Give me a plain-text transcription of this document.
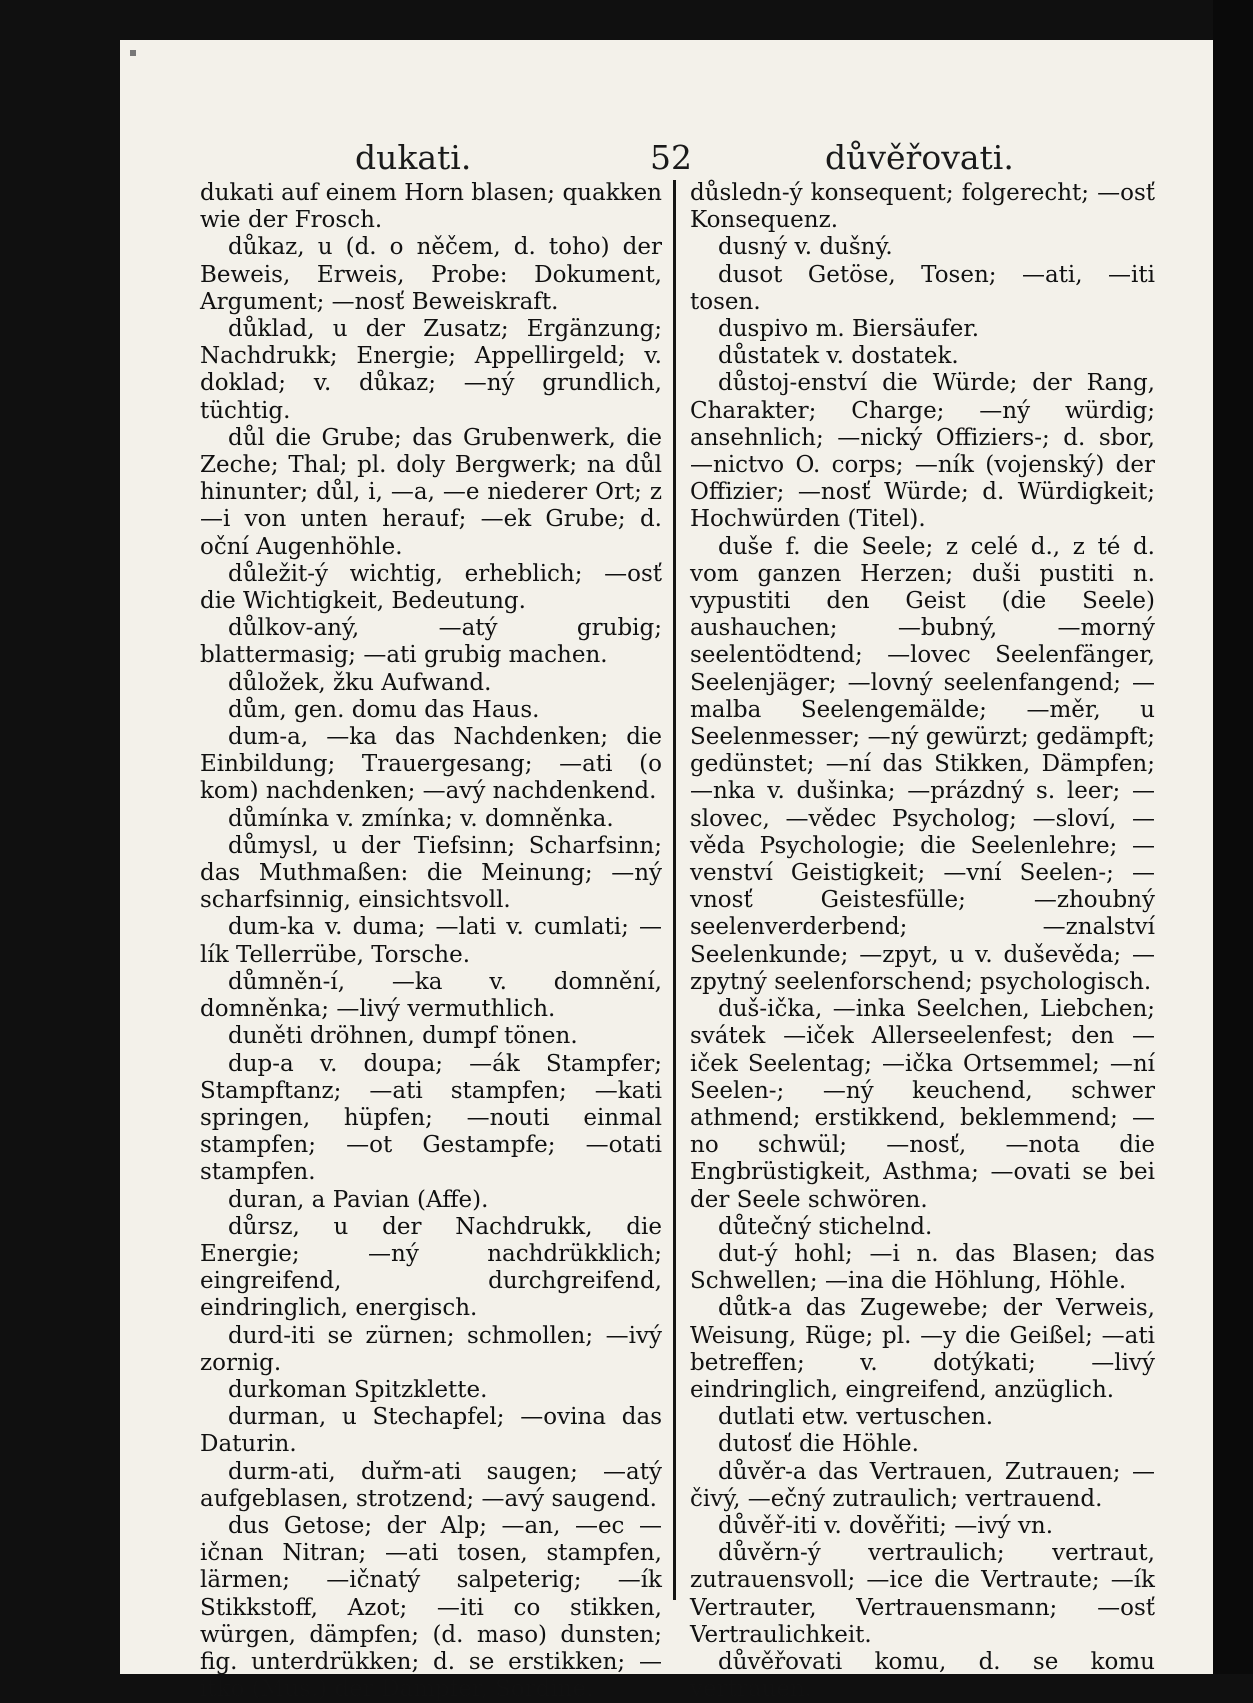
dukati.	52	důvěřovati.

dukati auf einem Horn blasen; quakken wie der Frosch.

důkaz, u (d. o něčem, d. toho) der Beweis, Erweis, Probe: Dokument, Argument; —nosť Beweiskraft.

důklad, u der Zusatz; Ergänzung; Nachdrukk; Energie; Appellirgeld; v. doklad; v. důkaz; —ný grundlich, tüchtig.

důl die Grube; das Grubenwerk, die Zeche; Thal; pl. doly Bergwerk; na důl hinunter; důl, i, —a, —e niederer Ort; z —i von unten herauf; —ek Grube; d. oční Augenhöhle.

důležit-ý wichtig, erheblich; —osť die Wichtigkeit, Bedeutung.

důlkov-aný, —atý grubig; blattermasig; —ati grubig machen.

důložek, žku Aufwand.

dům, gen. domu das Haus.

dum-a, —ka das Nachdenken; die Einbildung; Trauergesang; —ati (o kom) nachdenken; —avý nachdenkend.

důmínka v. zmínka; v. domněnka.

důmysl, u der Tiefsinn; Scharfsinn; das Muthmaßen: die Meinung; —ný scharfsinnig, einsichtsvoll.

dum-ka v. duma; —lati v. cumlati; —lík Tellerrübe, Torsche.

důmněn-í, —ka v. domnění, domněnka; —livý vermuthlich.

duněti dröhnen, dumpf tönen.

dup-a v. doupa; —ák Stampfer; Stampftanz; —ati stampfen; —kati springen, hüpfen; —nouti einmal stampfen; —ot Gestampfe; —otati stampfen.

duran, a Pavian (Affe).

důrsz, u der Nachdrukk, die Energie; —ný nachdrükklich; eingreifend, durchgreifend, eindringlich, energisch.

durd-iti se zürnen; schmollen; —ivý zornig.

durkoman Spitzklette.

durman, u Stechapfel; —ovina das Daturin.

durm-ati, duřm-ati saugen; —atý aufgeblasen, strotzend; —avý saugend.

dus Getose; der Alp; —an, —ec —ičnan Nitran; —ati tosen, stampfen, lärmen; —ičnatý salpeterig; —ík Stikkstoff, Azot; —iti co stikken, würgen, dämpfen; (d. maso) dunsten; fig. unterdrükken; d. se erstikken; —ítko (Mus.) der Dämpfer, Sordine.

důsledn-ý konsequent; folgerecht; —osť Konsequenz.

dusný v. dušný.

dusot Getöse, Tosen; —ati, —iti tosen.

duspivo m. Biersäufer.

důstatek v. dostatek.

důstoj-enství die Würde; der Rang, Charakter; Charge; —ný würdig; ansehnlich; —nický Offiziers-; d. sbor, —nictvo O. corps; —ník (vojenský) der Offizier; —nosť Würde; d. Würdigkeit; Hochwürden (Titel).

duše f. die Seele; z celé d., z té d. vom ganzen Herzen; duši pustiti n. vypustiti den Geist (die Seele) aushauchen; —bubný, —morný seelentödtend; —lovec Seelenfänger, Seelenjäger; —lovný seelenfangend; —malba Seelengemälde; —měr, u Seelenmesser; —ný gewürzt; gedämpft; gedünstet; —ní das Stikken, Dämpfen; —nka v. dušinka; —prázdný s. leer; —slovec, —vědec Psycholog; —sloví, —věda Psychologie; die Seelenlehre; —venství Geistigkeit; —vní Seelen-; —vnosť Geistesfülle; —zhoubný seelenverderbend; —znalství Seelenkunde; —zpyt, u v. duševěda; —zpytný seelenforschend; psychologisch.

duš-ička, —inka Seelchen, Liebchen; svátek —iček Allerseelenfest; den —iček Seelentag; —ička Ortsemmel; —ní Seelen-; —ný keuchend, schwer athmend; erstikkend, beklemmend; —no schwül; —nosť, —nota die Engbrüstigkeit, Asthma; —ovati se bei der Seele schwören.

důtečný stichelnd.

dut-ý hohl; —i n. das Blasen; das Schwellen; —ina die Höhlung, Höhle.

důtk-a das Zugewebe; der Verweis, Weisung, Rüge; pl. —y die Geißel; —ati betreffen; v. dotýkati; —livý eindringlich, eingreifend, anzüglich.

dutlati etw. vertuschen.

dutosť die Höhle.

důvěr-a das Vertrauen, Zutrauen; —čivý, —ečný zutraulich; vertrauend.

důvěř-iti v. dověřiti; —ivý vn.

důvěrn-ý vertraulich; vertraut, zutrauensvoll; —ice die Vertraute; —ík Vertrauter, Vertrauensmann; —osť Vertraulichkeit.

důvěřovati komu, d. se komu vertrauen.
